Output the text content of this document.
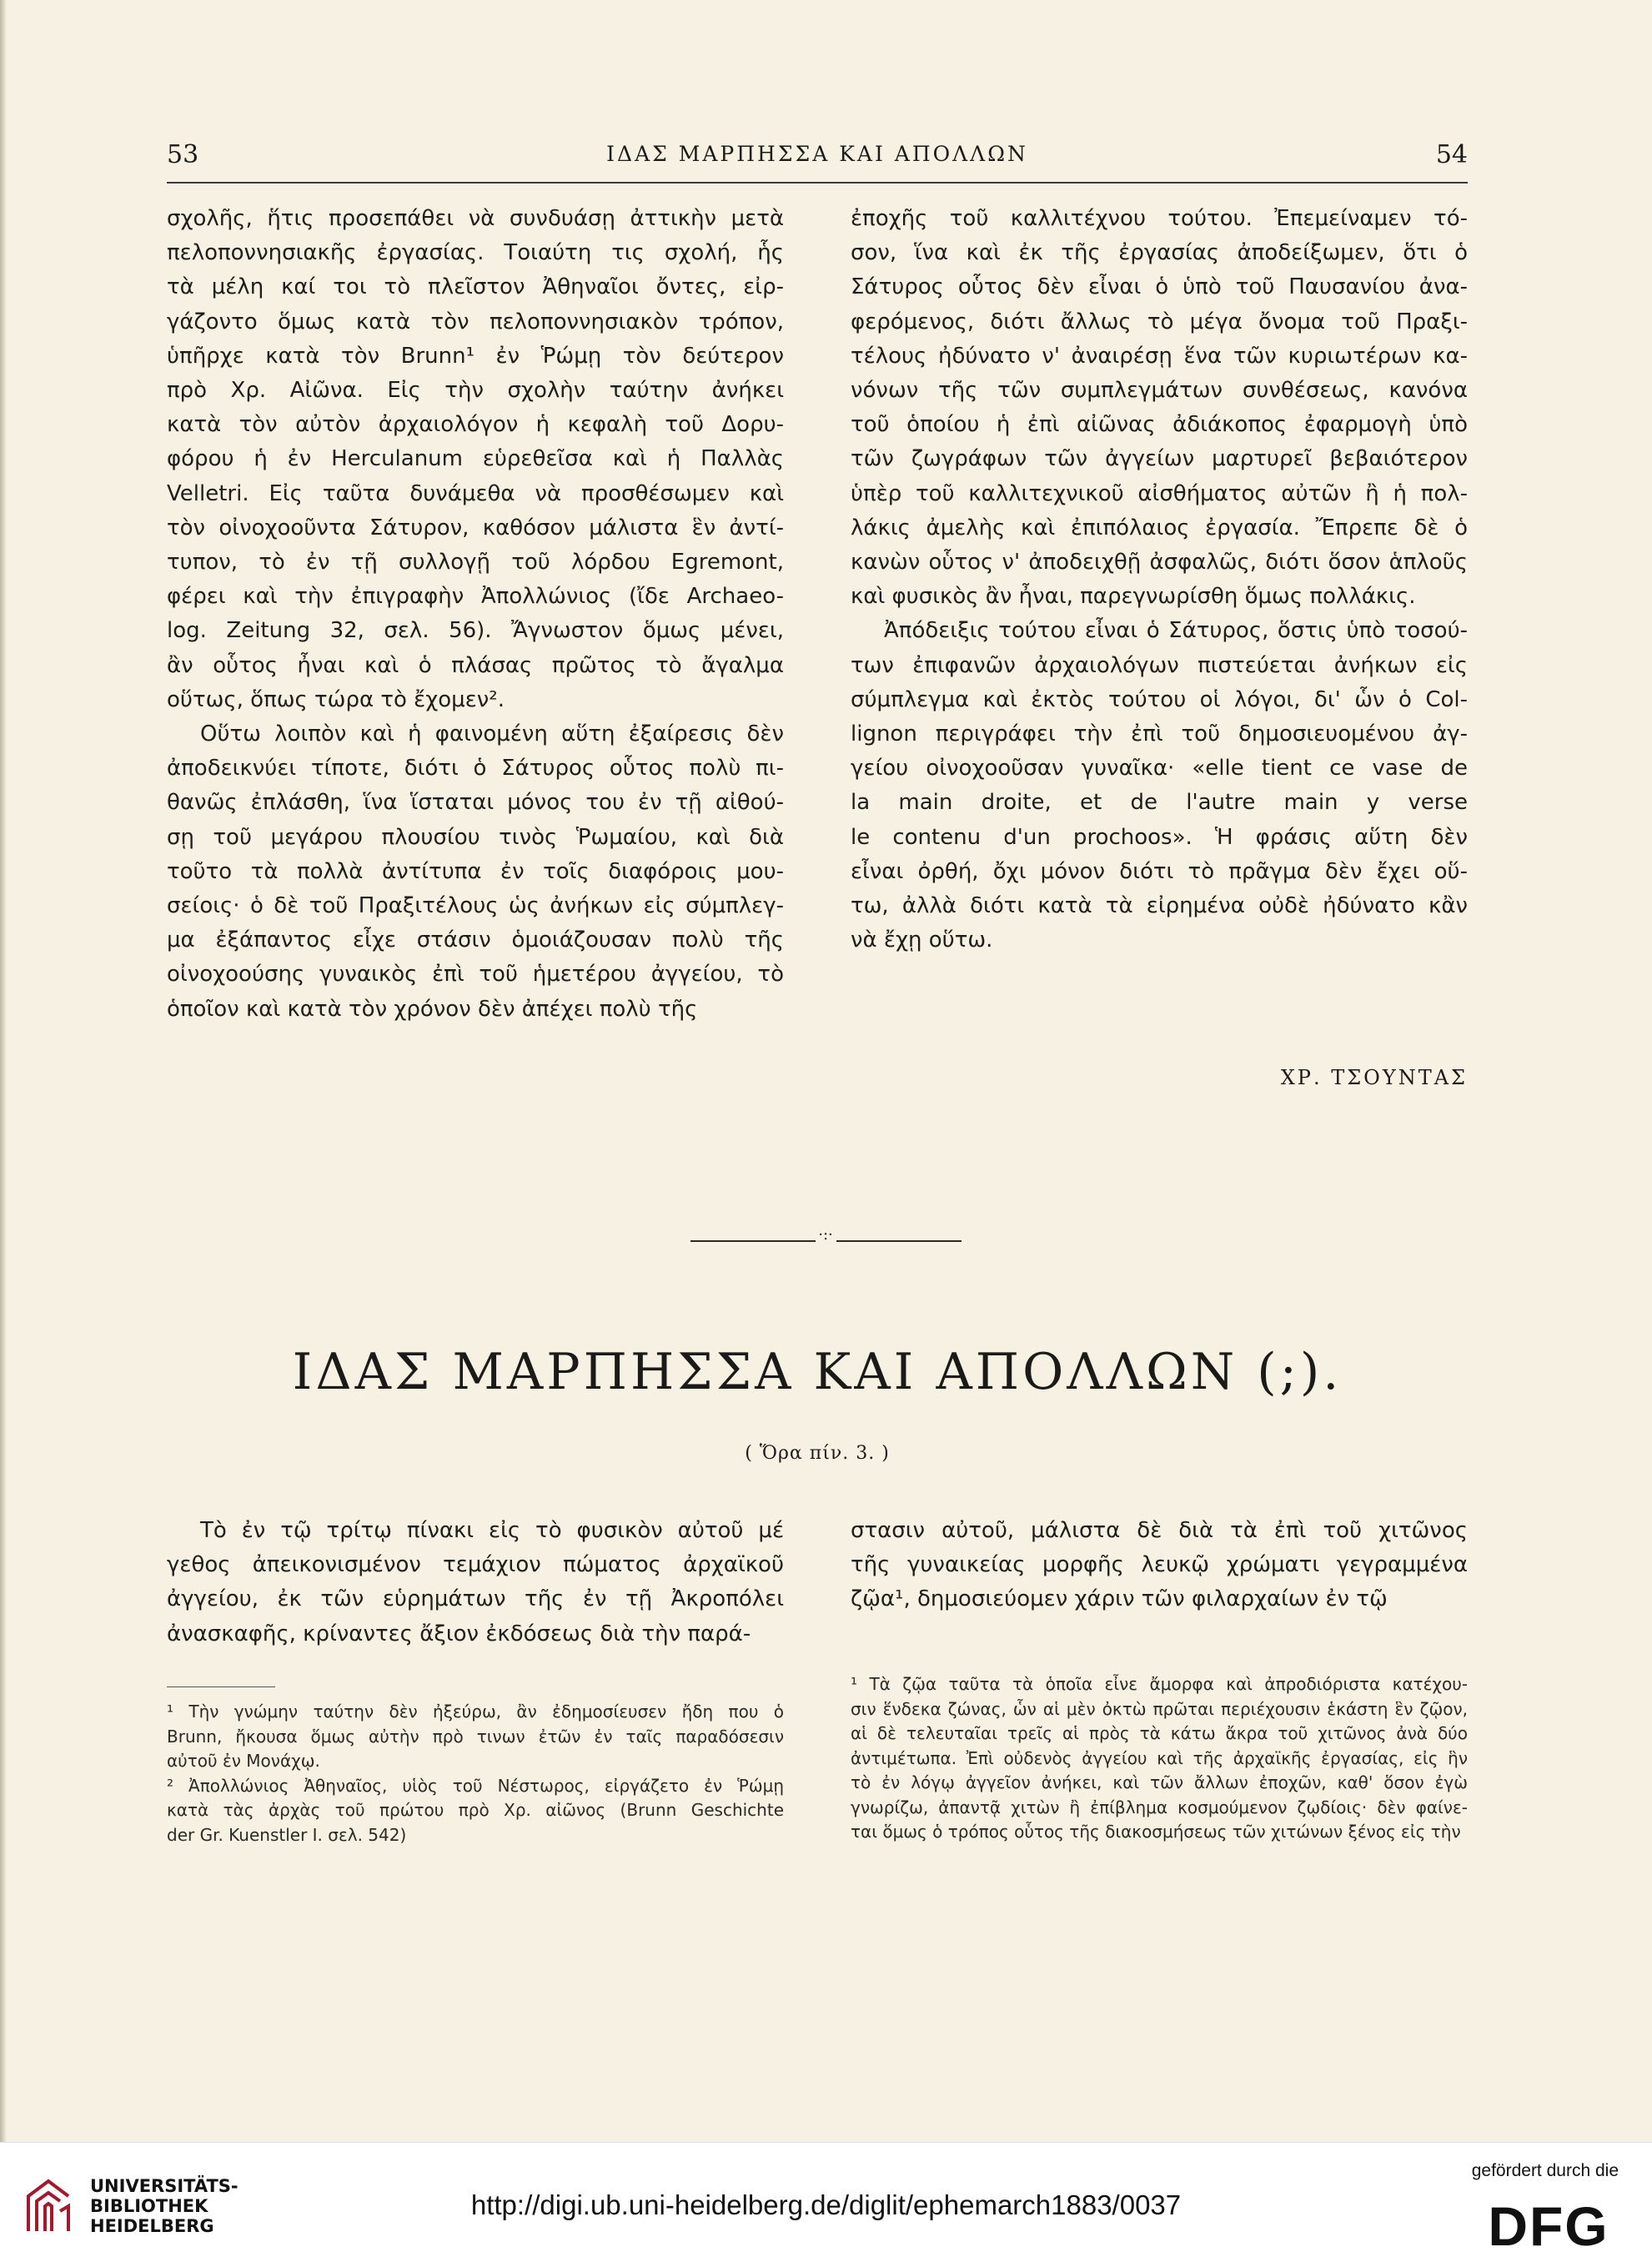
53	ΙΔΑΣ ΜΑΡΠΗΣΣΑ ΚΑΙ ΑΠΟΛΛΩΝ	54

σχολῆς, ἥτις προσεπάθει νὰ συνδυάσῃ ἀττικὴν μετὰ

πελοποννησιακῆς ἐργασίας. Τοιαύτη τις σχολή, ἧς

τὰ μέλη καί τοι τὸ πλεῖστον Ἀθηναῖοι ὄντες, εἰρ-

γάζοντο ὅμως κατὰ τὸν πελοποννησιακὸν τρόπον,

ὑπῆρχε κατὰ τὸν Brunn¹ ἐν Ῥώμῃ τὸν δεύτερον

πρὸ Χρ. Αἰῶνα. Εἰς τὴν σχολὴν ταύτην ἀνήκει

κατὰ τὸν αὐτὸν ἀρχαιολόγον ἡ κεφαλὴ τοῦ Δορυ-

φόρου ἡ ἐν Herculanum εὑρεθεῖσα καὶ ἡ Παλλὰς

Velletri. Εἰς ταῦτα δυνάμεθα νὰ προσθέσωμεν καὶ

τὸν οἰνοχοοῦντα Σάτυρον, καθόσον μάλιστα ἓν ἀντί-

τυπον, τὸ ἐν τῇ συλλογῇ τοῦ λόρδου Egremont,

φέρει καὶ τὴν ἐπιγραφὴν Ἀπολλώνιος (ἴδε Archaeo-

log. Zeitung 32, σελ. 56). Ἄγνωστον ὅμως μένει,

ἂν οὗτος ἦναι καὶ ὁ πλάσας πρῶτος τὸ ἄγαλμα

οὕτως, ὅπως τώρα τὸ ἔχομεν².

Οὕτω λοιπὸν καὶ ἡ φαινομένη αὕτη ἐξαίρεσις δὲν

ἀποδεικνύει τίποτε, διότι ὁ Σάτυρος οὗτος πολὺ πι-

θανῶς ἐπλάσθη, ἵνα ἵσταται μόνος του ἐν τῇ αἰθού-

σῃ τοῦ μεγάρου πλουσίου τινὸς Ῥωμαίου, καὶ διὰ

τοῦτο τὰ πολλὰ ἀντίτυπα ἐν τοῖς διαφόροις μου-

σείοις· ὁ δὲ τοῦ Πραξιτέλους ὡς ἀνήκων εἰς σύμπλεγ-

μα ἐξάπαντος εἶχε στάσιν ὁμοιάζουσαν πολὺ τῆς

οἰνοχοούσης γυναικὸς ἐπὶ τοῦ ἡμετέρου ἀγγείου, τὸ

ὁποῖον καὶ κατὰ τὸν χρόνον δὲν ἀπέχει πολὺ τῆς

ἐποχῆς τοῦ καλλιτέχνου τούτου. Ἐπεμείναμεν τό-

σον, ἵνα καὶ ἐκ τῆς ἐργασίας ἀποδείξωμεν, ὅτι ὁ

Σάτυρος οὗτος δὲν εἶναι ὁ ὑπὸ τοῦ Παυσανίου ἀνα-

φερόμενος, διότι ἄλλως τὸ μέγα ὄνομα τοῦ Πραξι-

τέλους ἠδύνατο ν' ἀναιρέσῃ ἕνα τῶν κυριωτέρων κα-

νόνων τῆς τῶν συμπλεγμάτων συνθέσεως, κανόνα

τοῦ ὁποίου ἡ ἐπὶ αἰῶνας ἀδιάκοπος ἐφαρμογὴ ὑπὸ

τῶν ζωγράφων τῶν ἀγγείων μαρτυρεῖ βεβαιότερον

ὑπὲρ τοῦ καλλιτεχνικοῦ αἰσθήματος αὐτῶν ἢ ἡ πολ-

λάκις ἀμελὴς καὶ ἐπιπόλαιος ἐργασία. Ἔπρεπε δὲ ὁ

κανὼν οὗτος ν' ἀποδειχθῇ ἀσφαλῶς, διότι ὅσον ἁπλοῦς

καὶ φυσικὸς ἂν ἦναι, παρεγνωρίσθη ὅμως πολλάκις.

Ἀπόδειξις τούτου εἶναι ὁ Σάτυρος, ὅστις ὑπὸ τοσού-

των ἐπιφανῶν ἀρχαιολόγων πιστεύεται ἀνήκων εἰς

σύμπλεγμα καὶ ἐκτὸς τούτου οἱ λόγοι, δι' ὧν ὁ Col-

lignon περιγράφει τὴν ἐπὶ τοῦ δημοσιευομένου ἀγ-

γείου οἰνοχοοῦσαν γυναῖκα· «elle tient ce vase de

la main droite, et de l'autre main y verse

le contenu d'un prochoos». Ἡ φράσις αὕτη δὲν

εἶναι ὀρθή, ὄχι μόνον διότι τὸ πρᾶγμα δὲν ἔχει οὕ-

τω, ἀλλὰ διότι κατὰ τὰ εἰρημένα οὐδὲ ἠδύνατο κἂν

νὰ ἔχῃ οὕτω.

ΧΡ. ΤΣΟΥΝΤΑΣ
·:·
ΙΔΑΣ ΜΑΡΠΗΣΣΑ ΚΑΙ ΑΠΟΛΛΩΝ (;).
( Ὅρα πίν. 3. )

Τὸ ἐν τῷ τρίτῳ πίνακι εἰς τὸ φυσικὸν αὐτοῦ μέ

γεθος ἀπεικονισμένον τεμάχιον πώματος ἀρχαϊκοῦ

ἀγγείου, ἐκ τῶν εὑρημάτων τῆς ἐν τῇ Ἀκροπόλει

ἀνασκαφῆς, κρίναντες ἄξιον ἐκδόσεως διὰ τὴν παρά-

στασιν αὐτοῦ, μάλιστα δὲ διὰ τὰ ἐπὶ τοῦ χιτῶνος

τῆς γυναικείας μορφῆς λευκῷ χρώματι γεγραμμένα

ζῷα¹, δημοσιεύομεν χάριν τῶν φιλαρχαίων ἐν τῷ

¹ Τὴν γνώμην ταύτην δὲν ἠξεύρω, ἂν ἐδημοσίευσεν ἤδη που ὁ

Brunn, ἤκουσα ὅμως αὐτὴν πρὸ τινων ἐτῶν ἐν ταῖς παραδόσεσιν

αὐτοῦ ἐν Μονάχῳ.

² Ἀπολλώνιος Ἀθηναῖος, υἱὸς τοῦ Νέστωρος, εἰργάζετο ἐν Ῥώμῃ

κατὰ τὰς ἀρχὰς τοῦ πρώτου πρὸ Χρ. αἰῶνος (Brunn Geschichte

der Gr. Kuenstler I. σελ. 542)

¹ Τὰ ζῷα ταῦτα τὰ ὁποῖα εἶνε ἄμορφα καὶ ἀπροδιόριστα κατέχου-

σιν ἕνδεκα ζώνας, ὧν αἱ μὲν ὀκτὼ πρῶται περιέχουσιν ἑκάστη ἓν ζῷον,

αἱ δὲ τελευταῖαι τρεῖς αἱ πρὸς τὰ κάτω ἄκρα τοῦ χιτῶνος ἀνὰ δύο

ἀντιμέτωπα. Ἐπὶ οὐδενὸς ἀγγείου καὶ τῆς ἀρχαϊκῆς ἐργασίας, εἰς ἣν

τὸ ἐν λόγῳ ἀγγεῖον ἀνήκει, καὶ τῶν ἄλλων ἐποχῶν, καθ' ὅσον ἐγὼ

γνωρίζω, ἀπαντᾷ χιτὼν ἢ ἐπίβλημα κοσμούμενον ζῳδίοις· δὲν φαίνε-

ται ὅμως ὁ τρόπος οὗτος τῆς διακοσμήσεως τῶν χιτώνων ξένος εἰς τὴν

UNIVERSITÄTS-
BIBLIOTHEK
HEIDELBERG
http://digi.ub.uni-heidelberg.de/diglit/ephemarch1883/0037
gefördert durch die
DFG
